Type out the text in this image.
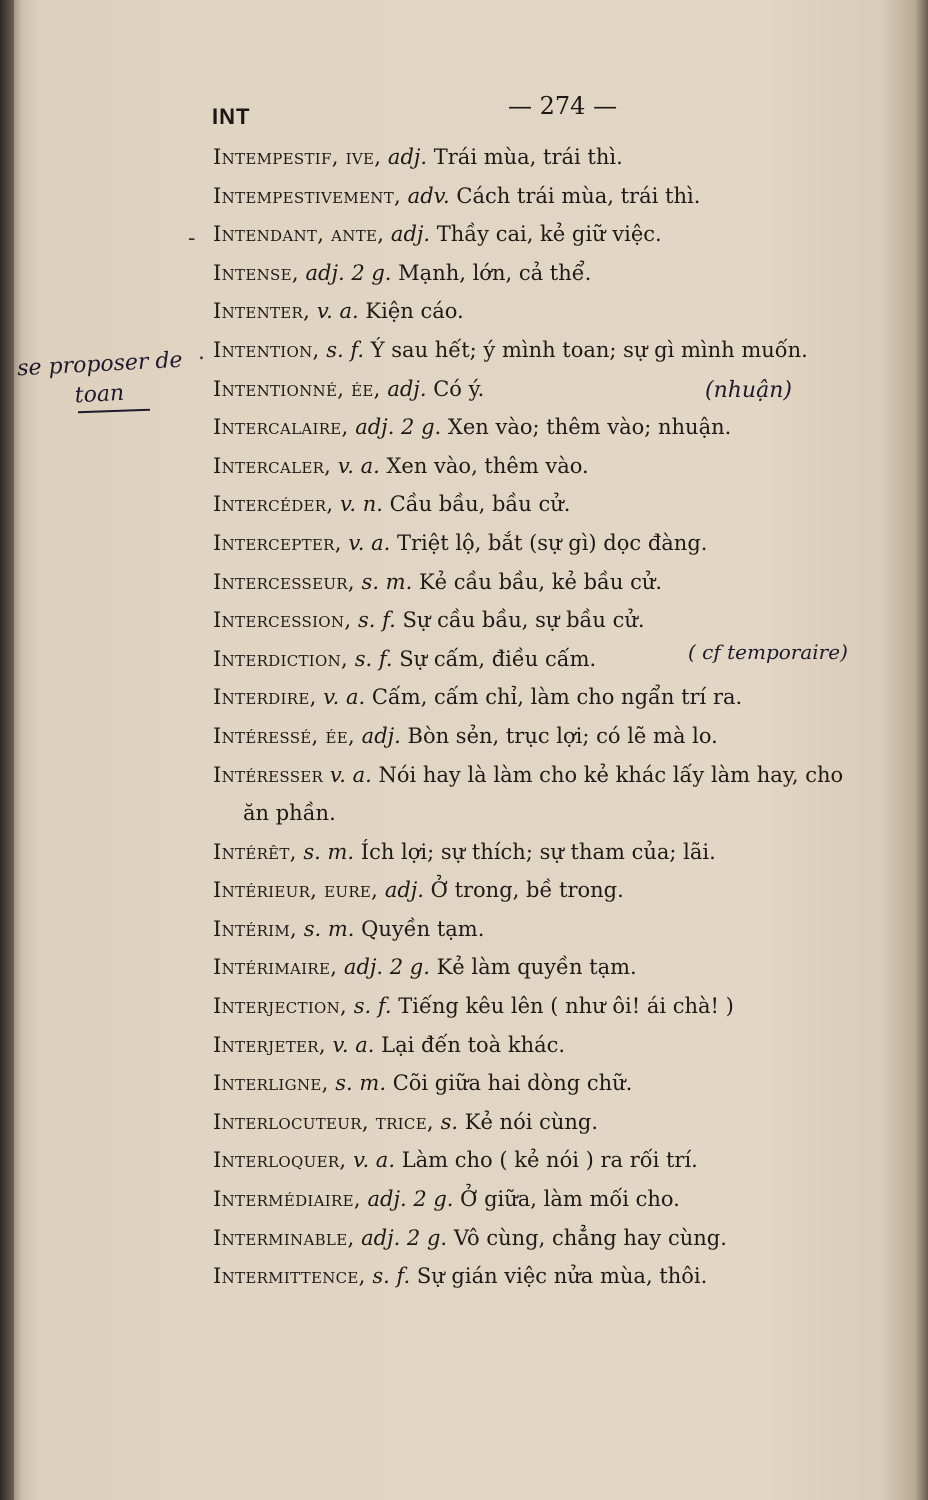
INT	— 274 —
-
.
se proposer de
toan	(nhuận)
( cf temporaire)
Intempestif, ive, adj. Trái mùa, trái thì.
Intempestivement, adv. Cách trái mùa, trái thì.
Intendant, ante, adj. Thầy cai, kẻ giữ việc.
Intense, adj. 2 g. Mạnh, lớn, cả thể.
Intenter, v. a. Kiện cáo.
Intention, s. f. Ý sau hết; ý mình toan; sự gì mình muốn.
Intentionné, ée, adj. Có ý.
Intercalaire, adj. 2 g. Xen vào; thêm vào; nhuận.
Intercaler, v. a. Xen vào, thêm vào.
Intercéder, v. n. Cầu bầu, bầu cử.
Intercepter, v. a. Triệt lộ, bắt (sự gì) dọc đàng.
Intercesseur, s. m. Kẻ cầu bầu, kẻ bầu cử.
Intercession, s. f. Sự cầu bầu, sự bầu cử.
Interdiction, s. f. Sự cấm, điều cấm.
Interdire, v. a. Cấm, cấm chỉ, làm cho ngẩn trí ra.
Intéressé, ée, adj. Bòn sẻn, trục lợi; có lẽ mà lo.
Intéresser v. a. Nói hay là làm cho kẻ khác lấy làm hay, cho
ăn phần.
Intérêt, s. m. Ích lợi; sự thích; sự tham của; lãi.
Intérieur, eure, adj. Ở trong, bề trong.
Intérim, s. m. Quyền tạm.
Intérimaire, adj. 2 g. Kẻ làm quyền tạm.
Interjection, s. f. Tiếng kêu lên ( như ôi! ái chà! )
Interjeter, v. a. Lại đến toà khác.
Interligne, s. m. Cõi giữa hai dòng chữ.
Interlocuteur, trice, s. Kẻ nói cùng.
Interloquer, v. a. Làm cho ( kẻ nói ) ra rối trí.
Intermédiaire, adj. 2 g. Ở giữa, làm mối cho.
Interminable, adj. 2 g. Vô cùng, chẳng hay cùng.
Intermittence, s. f. Sự gián việc nửa mùa, thôi.
